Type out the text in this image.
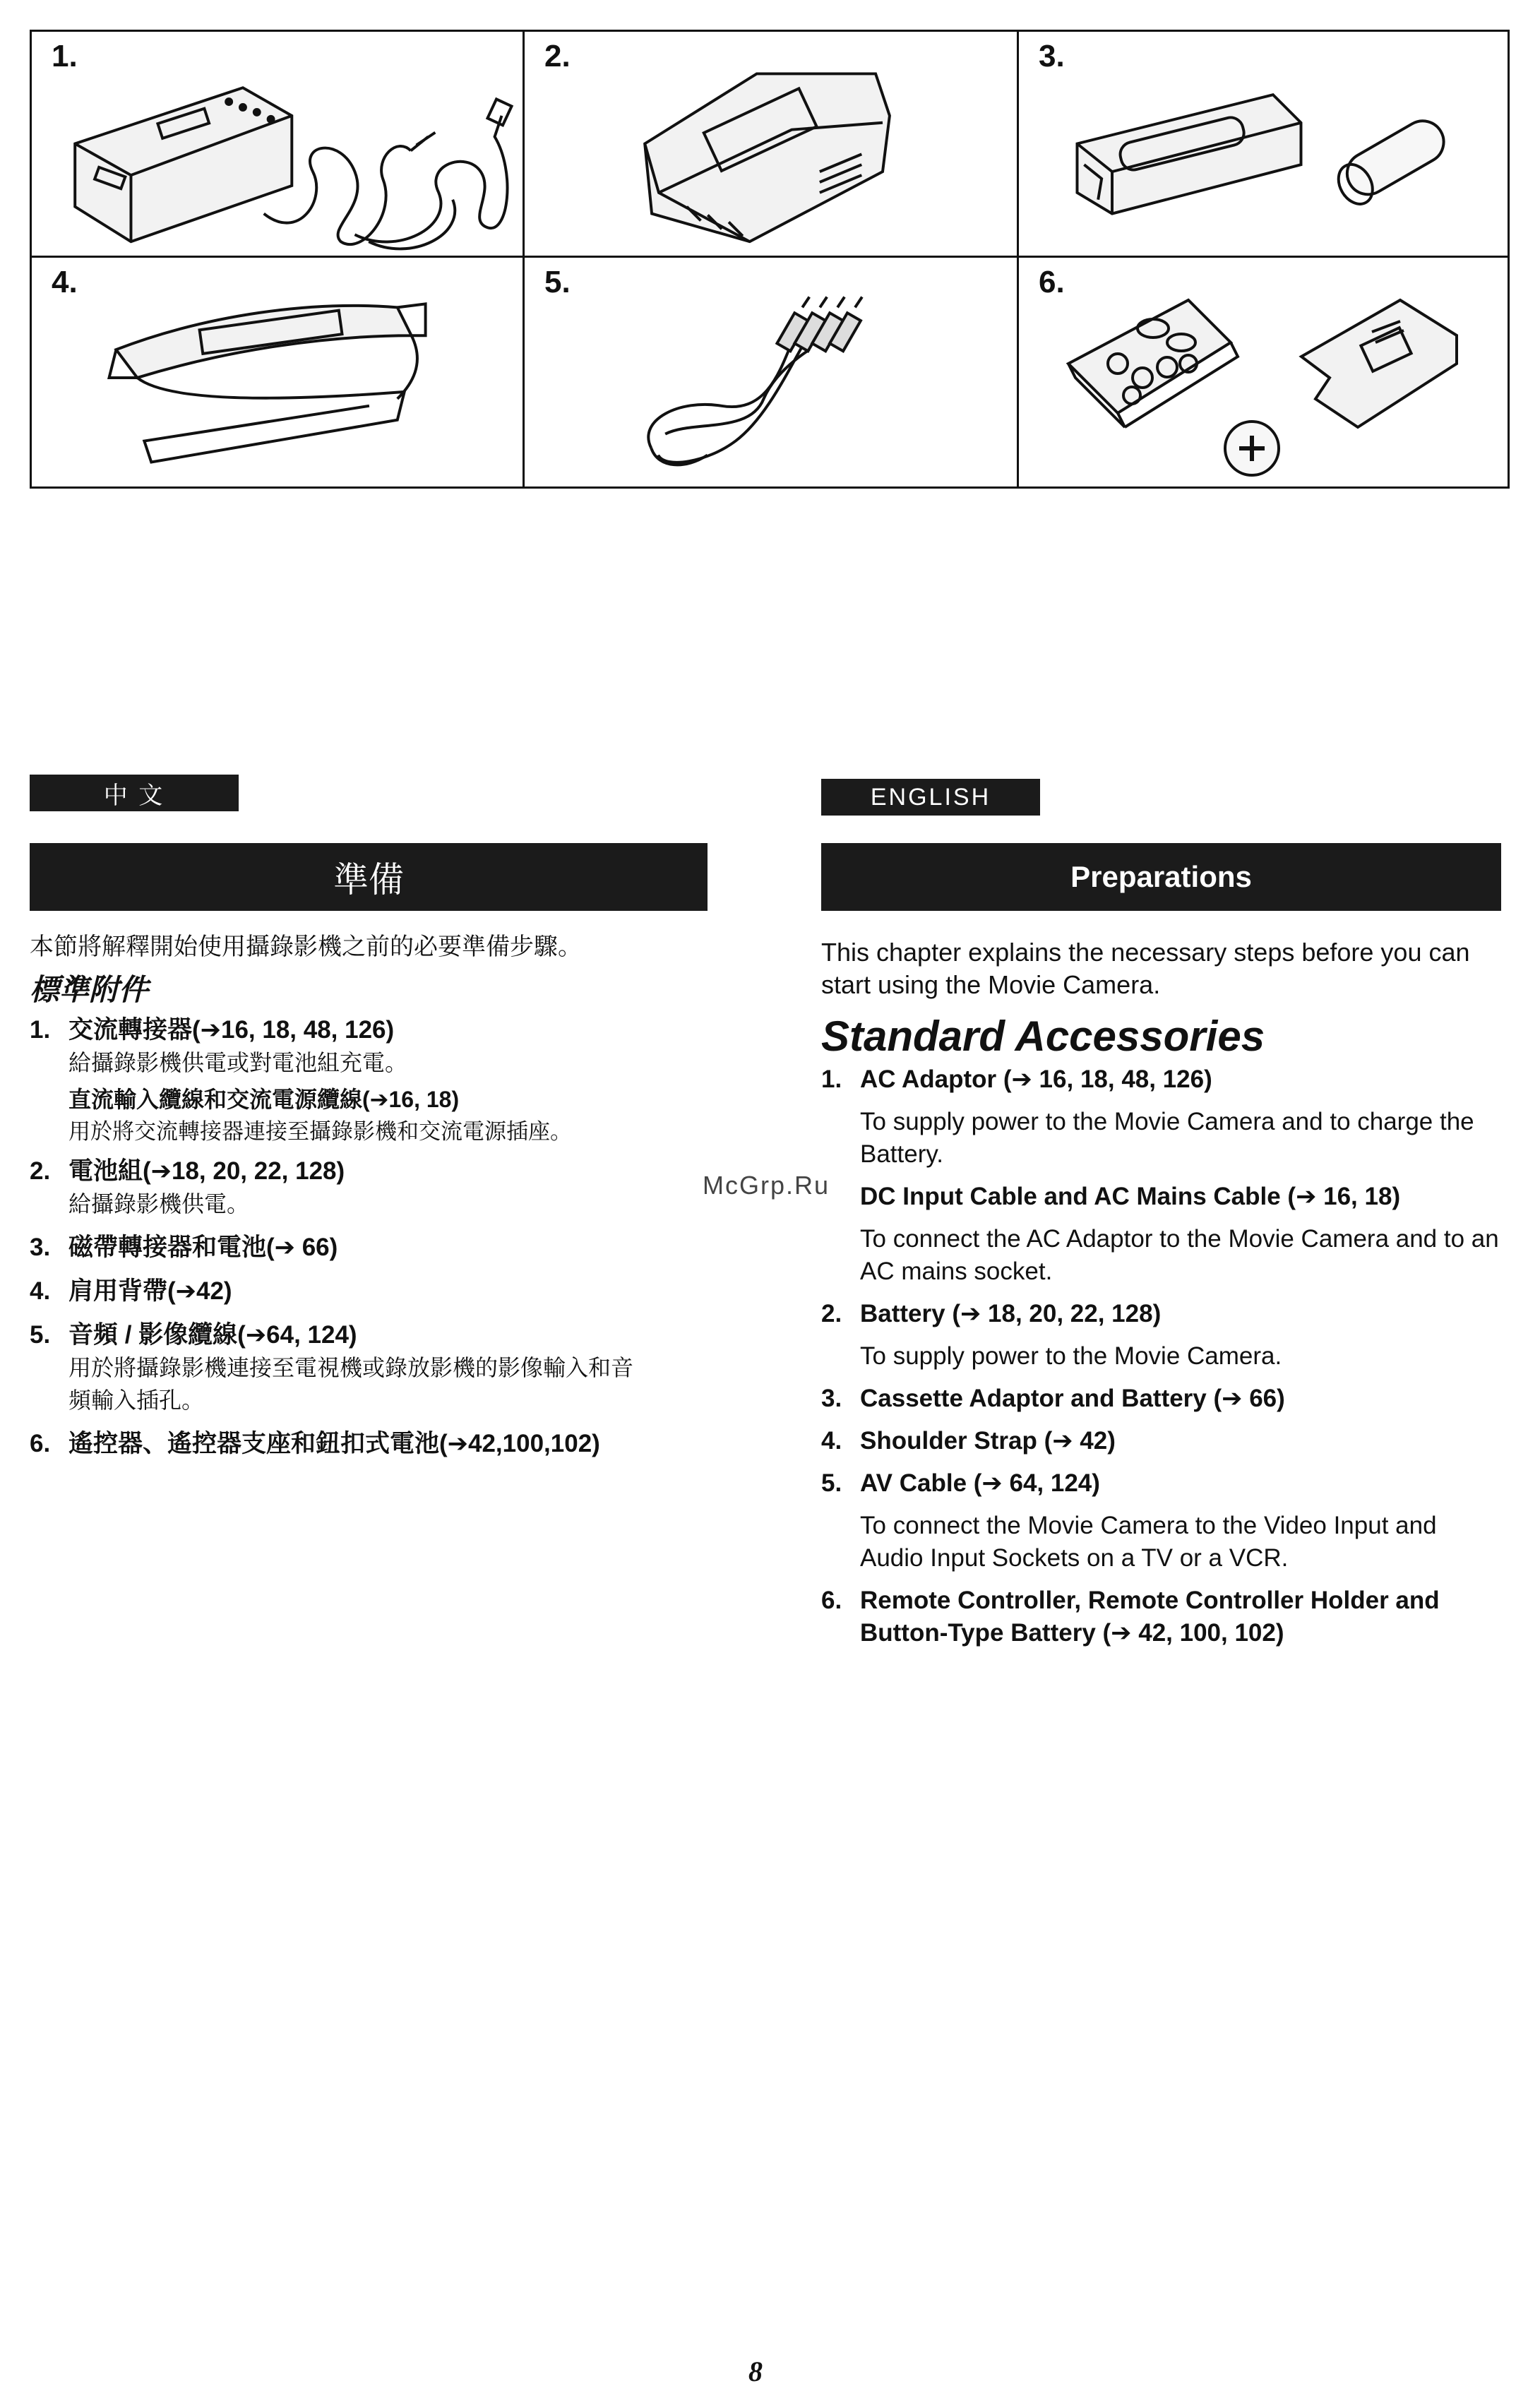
1.	2.	3.
4.	5.	6.
中 文
準備

本節將解釋開始使用攝錄影機之前的必要準備步驟。

標準附件

1. 交流轉接器(➔16, 18, 48, 126)

給攝錄影機供電或對電池組充電。

直流輸入纜線和交流電源纜線(➔16, 18)

用於將交流轉接器連接至攝錄影機和交流電源插座。

2. 電池組(➔18, 20, 22, 128)

給攝錄影機供電。

3. 磁帶轉接器和電池(➔ 66)

4. 肩用背帶(➔42)

5. 音頻 / 影像纜線(➔64, 124)

用於將攝錄影機連接至電視機或錄放影機的影像輸入和音

頻輸入插孔。

6. 遙控器、遙控器支座和鈕扣式電池(➔42,100,102)

ENGLISH
Preparations

This chapter explains the necessary steps before you can start using the Movie Camera.

Standard Accessories

1. AC Adaptor (➔ 16, 18, 48, 126)

To supply power to the Movie Camera and to charge the Battery.

DC Input Cable and AC Mains Cable (➔ 16, 18)

To connect the AC Adaptor to the Movie Camera and to an AC mains socket.

2. Battery (➔ 18, 20, 22, 128)

To supply power to the Movie Camera.

3. Cassette Adaptor and Battery (➔ 66)

4. Shoulder Strap (➔ 42)

5. AV Cable (➔ 64, 124)

To connect the Movie Camera to the Video Input and Audio Input Sockets on a TV or a VCR.

6. Remote Controller, Remote Controller Holder and Button-Type Battery (➔ 42, 100, 102)

McGrp.Ru
8
